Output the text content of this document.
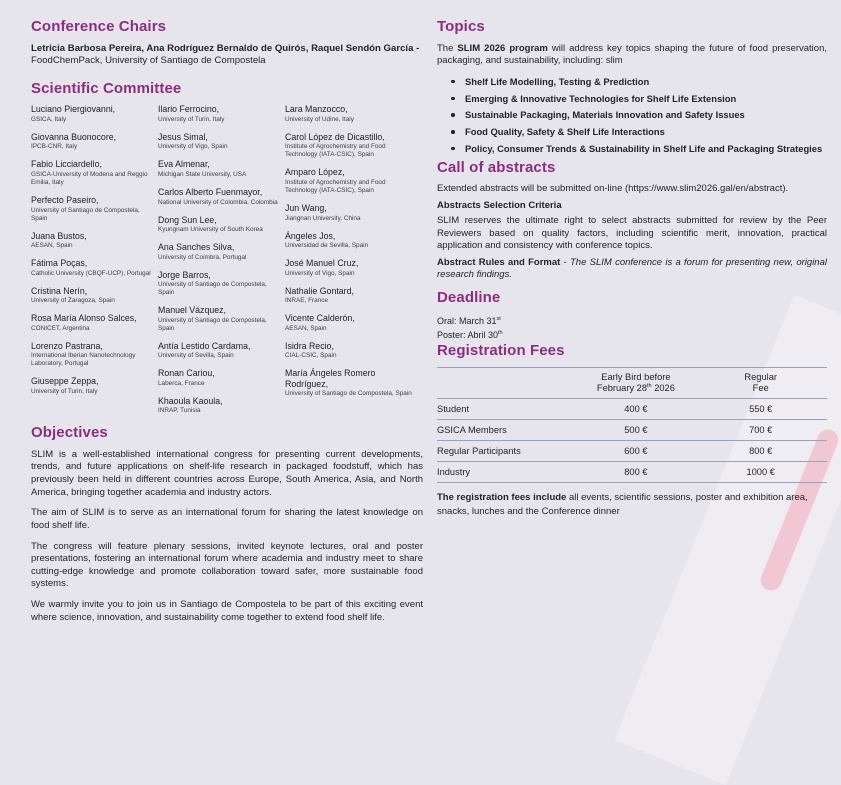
Conference Chairs

Letricia Barbosa Pereira, Ana Rodríguez Bernaldo de Quirós, Raquel Sendón García -
FoodChemPack, University of Santiago de Compostela

Scientific Committee
Luciano Piergiovanni,
GSICA, Italy
Giovanna Buonocore,
IPCB-CNR, Italy
Fabio Licciardello,
GSICA-University of Modena and Reggio Emilia, Italy
Perfecto Paseiro,
University of Santiago de Compostela, Spain
Juana Bustos,
AESAN, Spain
Fátima Poças,
Catholic University (CBQF-UCP), Portugal
Cristina Nerín,
University of Zaragoza, Spain
Rosa María Alonso Salces,
CONICET, Argentina
Lorenzo Pastrana,
International Iberian Nanotechnology Laboratory, Portugal
Giuseppe Zeppa,
University of Turin, Italy
Ilario Ferrocino,
University of Turin, Italy
Jesus Simal,
University of Vigo, Spain
Eva Almenar,
Michigan State University, USA
Carlos Alberto Fuenmayor,
National University of Colombia, Colombia
Dong Sun Lee,
Kyungnam University of South Korea
Ana Sanches Silva,
University of Coimbra, Portugal
Jorge Barros,
University of Santiago de Compostela, Spain
Manuel Vázquez,
University of Santiago de Compostela, Spain
Antía Lestido Cardama,
University of Sevilla, Spain
Ronan Cariou,
Laberca, France
Khaoula Kaoula,
INRAP, Tunisia
Lara Manzocco,
University of Udine, Italy
Carol López de Dicastillo,
Institute of Agrochemistry and Food Technology (IATA-CSIC), Spain
Amparo López,
Institute of Agrochemistry and Food Technology (IATA-CSIC), Spain
Jun Wang,
Jiangnan University, China
Ángeles Jos,
Universidad de Sevilla, Spain
José Manuel Cruz,
University of Vigo, Spain
Nathalie Gontard,
INRAE, France
Vicente Calderón,
AESAN, Spain
Isidra Recio,
CIAL-CSIC, Spain
María Ángeles Romero Rodríguez,
University of Santiago de Compostela, Spain
Objectives

SLIM is a well-established international congress for presenting current developments, trends, and future applications on shelf-life research in packaged foodstuff, which has previously been held in different countries across Europe, South America, Asia, and North America, bringing together academia and industry actors.

The aim of SLIM is to serve as an international forum for sharing the latest knowledge on food shelf life.

The congress will feature plenary sessions, invited keynote lectures, oral and poster presentations, fostering an international forum where academia and industry meet to share cutting-edge knowledge and promote collaboration toward safer, more sustainable food systems.

We warmly invite you to join us in Santiago de Compostela to be part of this exciting event where science, innovation, and sustainability come together to extend food shelf life.

Topics

The SLIM 2026 program will address key topics shaping the future of food preservation, packaging, and sustainability, including: slim

Shelf Life Modelling, Testing & Prediction
Emerging & Innovative Technologies for Shelf Life Extension
Sustainable Packaging, Materials Innovation and Safety Issues
Food Quality, Safety & Shelf Life Interactions
Policy, Consumer Trends & Sustainability in Shelf Life and Packaging Strategies
Call of abstracts

Extended abstracts will be submitted on-line (https://www.slim2026.gal/en/abstract).

Abstracts Selection Criteria

SLIM reserves the ultimate right to select abstracts submitted for review by the Peer Reviewers based on quality factors, including scientific merit, innovation, practical application and consistency with conference topics.

Abstract Rules and Format - The SLIM conference is a forum for presenting new, original research findings.

Deadline

Oral: March 31st

Poster: Abril 30th

Registration Fees

Early Bird before
February 28th 2026

Regular
Fee

Student	400 €	550 €
GSICA Members	500 €	700 €
Regular Participants	600 €	800 €
Industry	800 €	1000 €

The registration fees include all events, scientific sessions, poster and exhibition area, snacks, lunches and the Conference dinner
